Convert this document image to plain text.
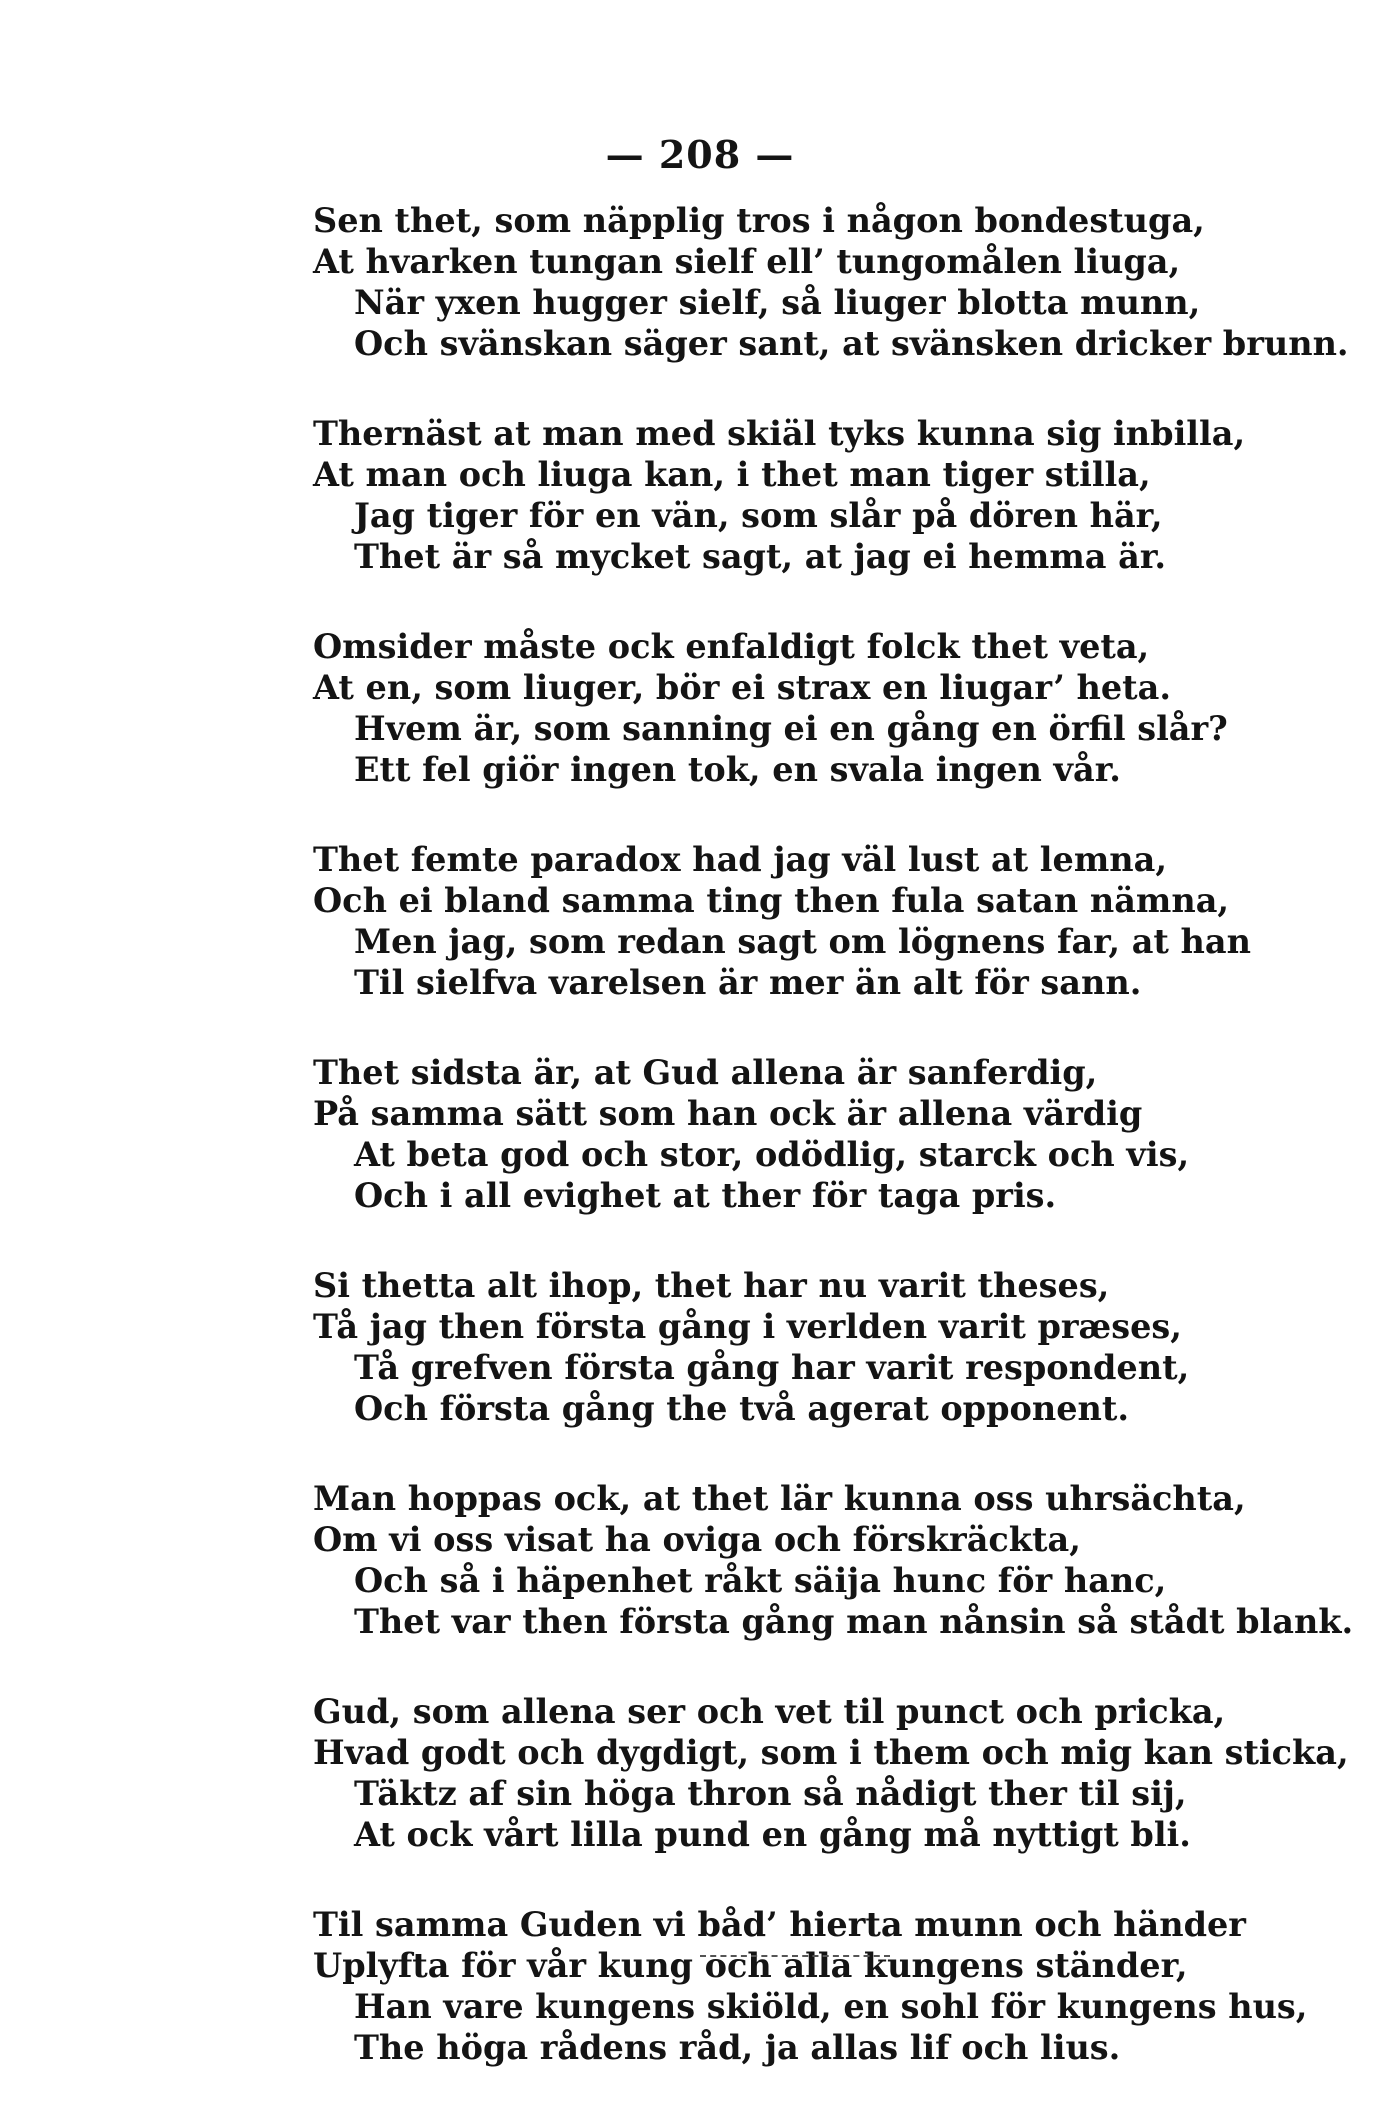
— 208 —
Sen thet, som näpplig tros i någon bondestuga,
At hvarken tungan sielf ell’ tungomålen liuga,
När yxen hugger sielf, så liuger blotta munn,
Och svänskan säger sant, at svänsken dricker brunn.
Thernäst at man med skiäl tyks kunna sig inbilla,
At man och liuga kan, i thet man tiger stilla,
Jag tiger för en vän, som slår på dören här,
Thet är så mycket sagt, at jag ei hemma är.
Omsider måste ock enfaldigt folck thet veta,
At en, som liuger, bör ei strax en liugar’ heta.
Hvem är, som sanning ei en gång en örfil slår?
Ett fel giör ingen tok, en svala ingen vår.
Thet femte paradox had jag väl lust at lemna,
Och ei bland samma ting then fula satan nämna,
Men jag, som redan sagt om lögnens far, at han
Til sielfva varelsen är mer än alt för sann.
Thet sidsta är, at Gud allena är sanferdig,
På samma sätt som han ock är allena värdig
At beta god och stor, odödlig, starck och vis,
Och i all evighet at ther för taga pris.
Si thetta alt ihop, thet har nu varit theses,
Tå jag then första gång i verlden varit præses,
Tå grefven första gång har varit respondent,
Och första gång the två agerat opponent.
Man hoppas ock, at thet lär kunna oss uhrsächta,
Om vi oss visat ha oviga och förskräckta,
Och så i häpenhet råkt säija hunc för hanc,
Thet var then första gång man nånsin så stådt blank.
Gud, som allena ser och vet til punct och pricka,
Hvad godt och dygdigt, som i them och mig kan sticka,
Täktz af sin höga thron så nådigt ther til sij,
At ock vårt lilla pund en gång må nyttigt bli.
Til samma Guden vi båd’ hierta munn och händer
Uplyfta för vår kung och alla kungens ständer,
Han vare kungens skiöld, en sohl för kungens hus,
The höga rådens råd, ja allas lif och lius.
